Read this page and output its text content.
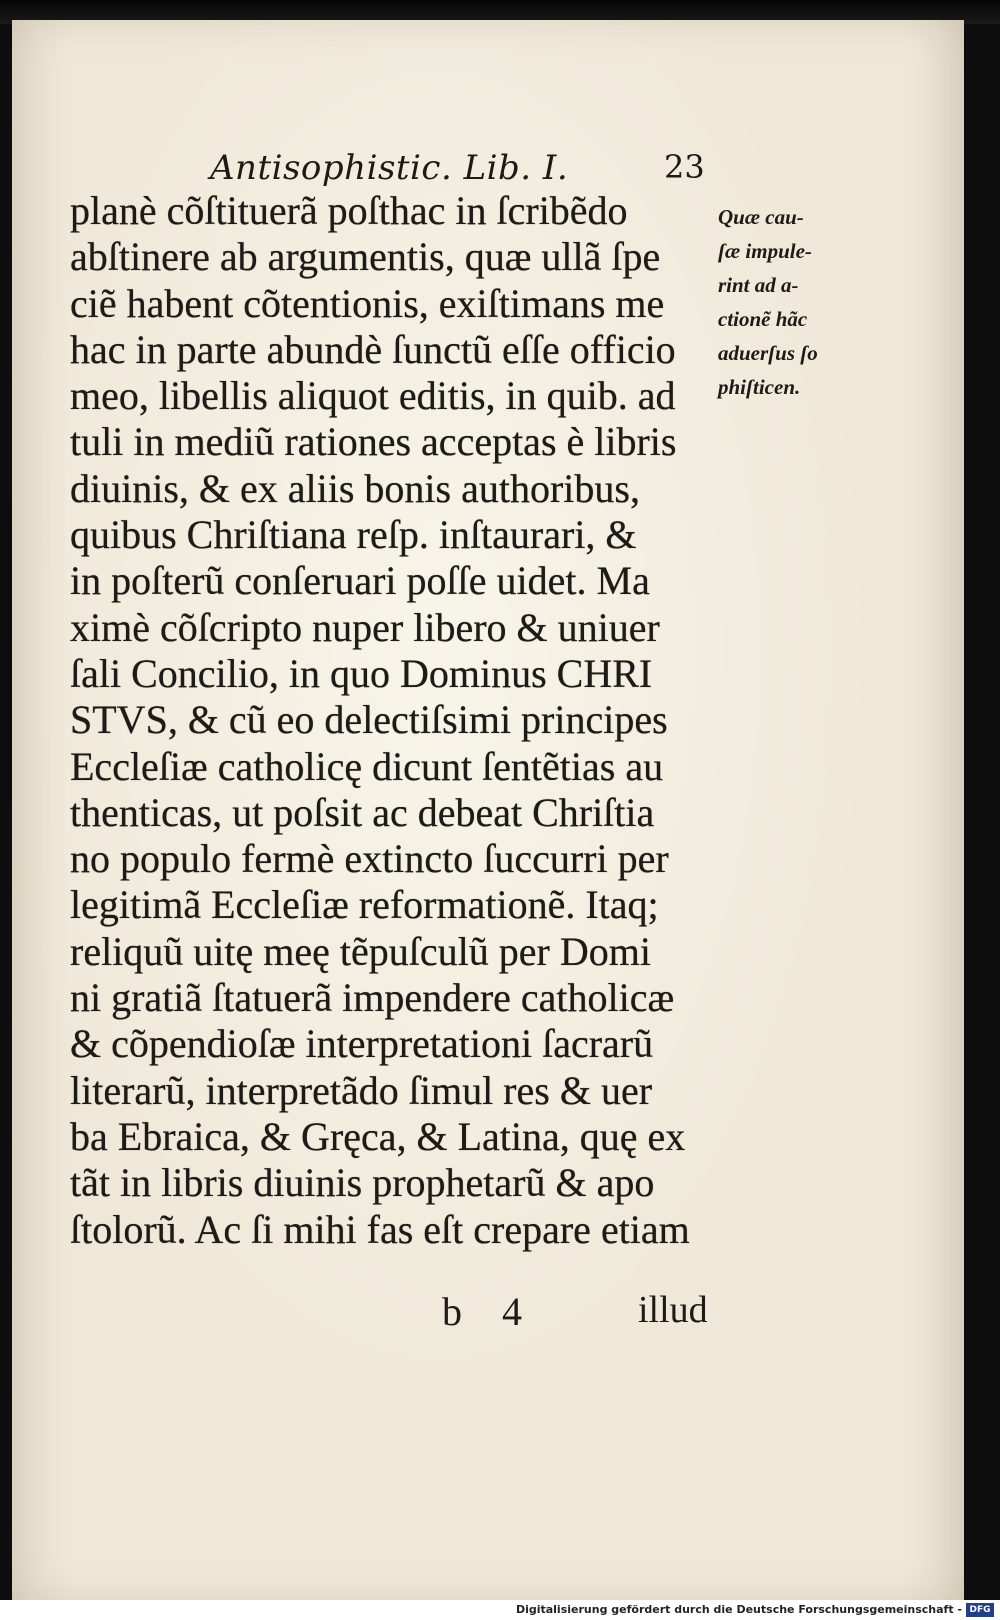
Antisophistic. Lib. I.	23
planè cõſtituerã poſthac in ſcribẽdo
abſtinere ab argumentis, quæ ullã ſpe
ciẽ habent cõtentionis, exiſtimans me
hac in parte abundè ſunctũ eſſe officio
meo, libellis aliquot editis, in quib. ad
tuli in mediũ rationes acceptas è libris
diuinis, & ex aliis bonis authoribus,
quibus Chriſtiana reſp. inſtaurari, &
in poſterũ conſeruari poſſe uidet. Ma
ximè cõſcripto nuper libero & uniuer
ſali Concilio, in quo Dominus CHRI
STVS, & cũ eo delectiſsimi principes
Eccleſiæ catholicę dicunt ſentẽtias au
thenticas, ut poſsit ac debeat Chriſtia
no populo fermè extincto ſuccurri per
legitimã Eccleſiæ reformationẽ. Itaq;
reliquũ uitę meę tẽpuſculũ per Domi
ni gratiã ſtatuerã impendere catholicæ
& cõpendioſæ interpretationi ſacrarũ
literarũ, interpretãdo ſimul res & uer
ba Ebraica, & Gręca, & Latina, quę ex
tãt in libris diuinis prophetarũ & apo
ſtolorũ. Ac ſi mihi fas eſt crepare etiam
Quæ cau-
ſæ impule-
rint ad a-
ctionẽ hãc
aduerſus ſo
phiſticen.
b 4	illud
Digitalisierung gefördert durch die Deutsche Forschungsgemeinschaft - DFG
